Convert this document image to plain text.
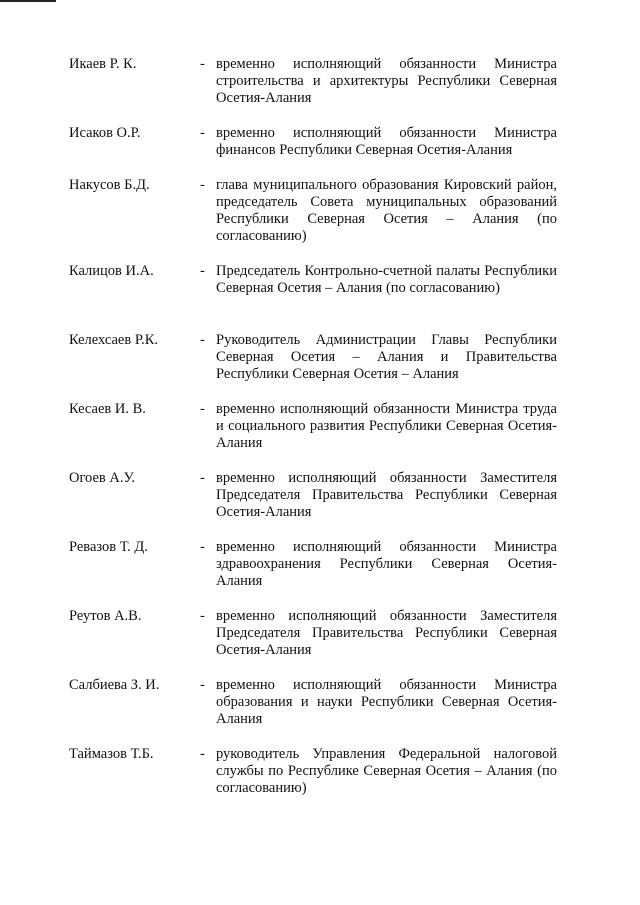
Икаев Р. К.	- временно исполняющий обязанности Министра строительства и архитектуры Республики Северная Осетия-Алания
Исаков О.Р.	- временно исполняющий обязанности Министра финансов Республики Северная Осетия-Алания
Накусов Б.Д.	- глава муниципального образования Кировский район, председатель Совета муниципальных образований Республики Северная Осетия – Алания (по согласованию)
Калицов И.А.	- Председатель Контрольно-счетной палаты Республики Северная Осетия – Алания (по согласованию)
Келехсаев Р.К.	- Руководитель Администрации Главы Республики Северная Осетия – Алания и Правительства Республики Северная Осетия – Алания
Кесаев И. В.	- временно исполняющий обязанности Министра труда и социального развития Республики Северная Осетия-Алания
Огоев А.У.	- временно исполняющий обязанности Заместителя Председателя Правительства Республики Северная Осетия-Алания
Ревазов Т. Д.	- временно исполняющий обязанности Министра здравоохранения Республики Северная Осетия-Алания
Реутов А.В.	- временно исполняющий обязанности Заместителя Председателя Правительства Республики Северная Осетия-Алания
Салбиева З. И.	- временно исполняющий обязанности Министра образования и науки Республики Северная Осетия-Алания
Таймазов Т.Б.	- руководитель Управления Федеральной налоговой службы по Республике Северная Осетия – Алания (по согласованию)
